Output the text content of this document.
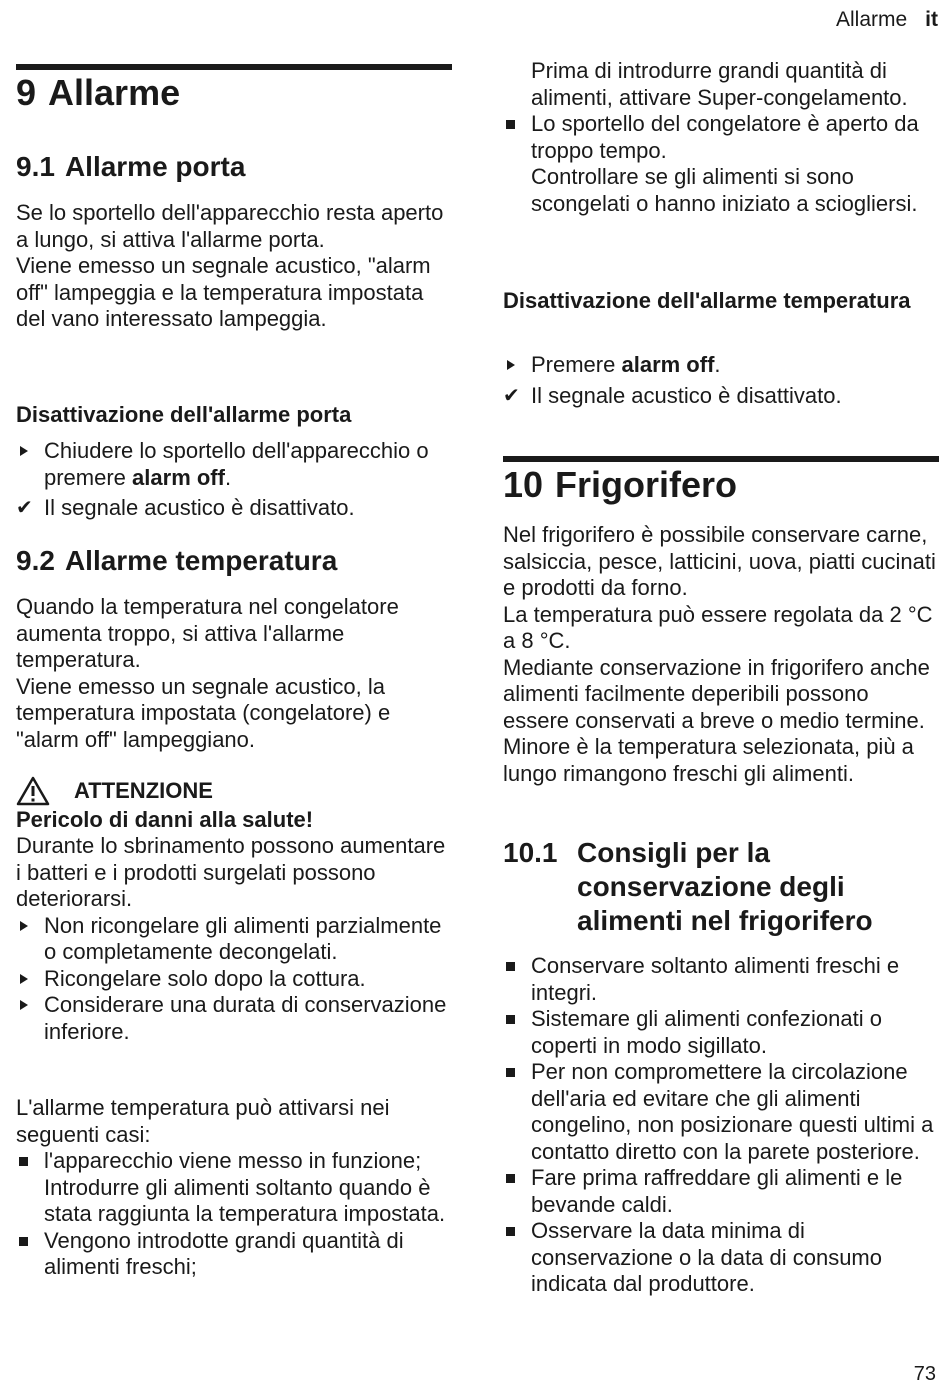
Allarme it
9 Allarme
9.1 Allarme porta

Se lo sportello dell'apparecchio resta aperto a lungo, si attiva l'allarme porta.

Viene emesso un segnale acustico, "alarm off" lampeggia e la temperatura impostata del vano interessato lampeggia.

Disattivazione dell'allarme porta
Chiudere lo sportello dell'apparecchio o premere alarm off.
✔ Il segnale acustico è disattivato.
9.2 Allarme temperatura

Quando la temperatura nel congelatore aumenta troppo, si attiva l'allarme temperatura.

Viene emesso un segnale acustico, la temperatura impostata (congelatore) e "alarm off" lampeggiano.

ATTENZIONE
Pericolo di danni alla salute!

Durante lo sbrinamento possono aumentare i batteri e i prodotti surgelati possono deteriorarsi.

Non ricongelare gli alimenti parzialmente o completamente decongelati.
Ricongelare solo dopo la cottura.
Considerare una durata di conservazione inferiore.

L'allarme temperatura può attivarsi nei seguenti casi:

l'apparecchio viene messo in funzione;
Introdurre gli alimenti soltanto quando è stata raggiunta la temperatura impostata.
Vengono introdotte grandi quantità di alimenti freschi;
Prima di introdurre grandi quantità di alimenti, attivare Super-congelamento.
Lo sportello del congelatore è aperto da troppo tempo.
Controllare se gli alimenti si sono scongelati o hanno iniziato a sciogliersi.
Disattivazione dell'allarme temperatura
Premere alarm off.
✔ Il segnale acustico è disattivato.
10 Frigorifero

Nel frigorifero è possibile conservare carne, salsiccia, pesce, latticini, uova, piatti cucinati e prodotti da forno.

La temperatura può essere regolata da 2 °C a 8 °C.

Mediante conservazione in frigorifero anche alimenti facilmente deperibili possono essere conservati a breve o medio termine. Minore è la temperatura selezionata, più a lungo rimangono freschi gli alimenti.

10.1 Consigli per la conservazione degli alimenti nel frigorifero
Conservare soltanto alimenti freschi e integri.
Sistemare gli alimenti confezionati o coperti in modo sigillato.
Per non compromettere la circolazione dell'aria ed evitare che gli alimenti congelino, non posizionare questi ultimi a contatto diretto con la parete posteriore.
Fare prima raffreddare gli alimenti e le bevande caldi.
Osservare la data minima di conservazione o la data di consumo indicata dal produttore.
73
